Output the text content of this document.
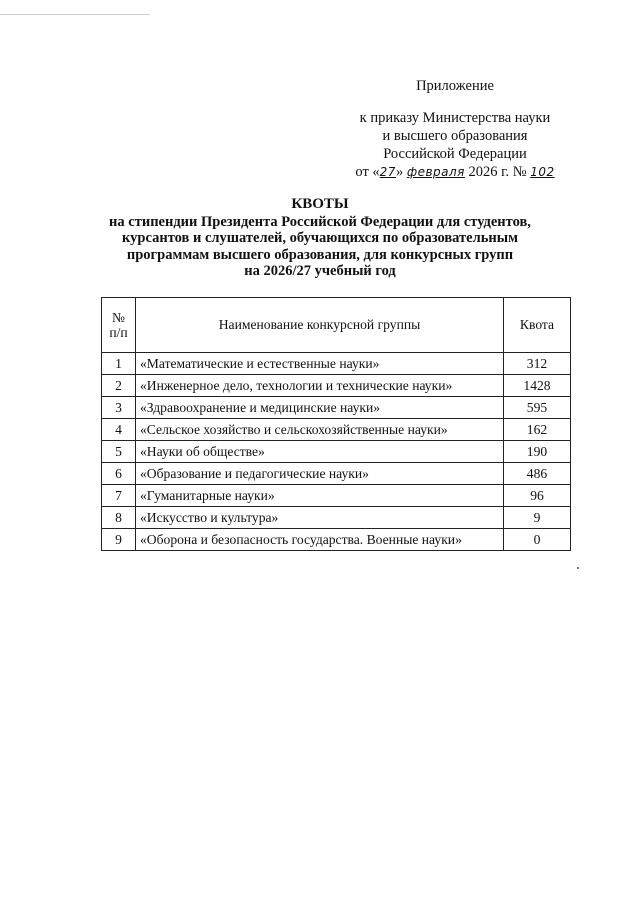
Приложение
к приказу Министерства науки
и высшего образования
Российской Федерации
от «27» февраля 2026 г. № 102
КВОТЫ
на стипендии Президента Российской Федерации для студентов,
курсантов и слушателей, обучающихся по образовательным
программам высшего образования, для конкурсных групп
на 2026/27 учебный год
№
п/п	Наименование конкурсной группы	Квота
1	«Математические и естественные науки»	312
2	«Инженерное дело, технологии и технические науки»	1428
3	«Здравоохранение и медицинские науки»	595
4	«Сельское хозяйство и сельскохозяйственные науки»	162
5	«Науки об обществе»	190
6	«Образование и педагогические науки»	486
7	«Гуманитарные науки»	96
8	«Искусство и культура»	9
9	«Оборона и безопасность государства. Военные науки»	0
